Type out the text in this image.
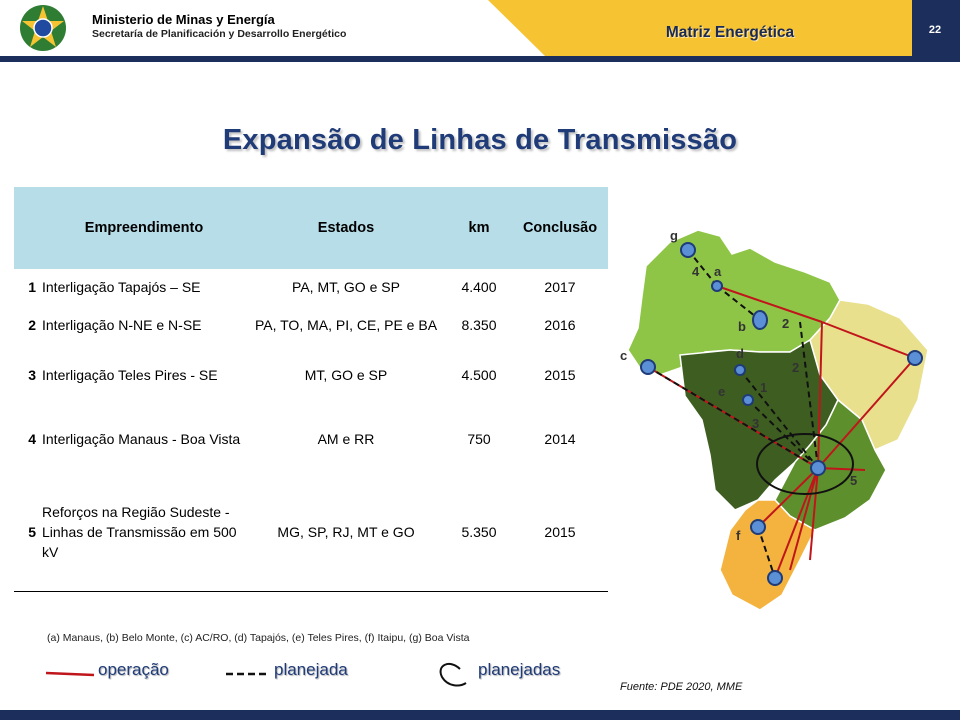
Ministerio de Minas y Energía
Secretaría de Planificación y Desarrollo Energético	Matriz Energética	22
Expansão de Linhas de Transmissão
	Empreendimento	Estados	km	Conclusão
1	Interligação Tapajós – SE	PA, MT, GO e SP	4.400	2017
2	Interligação N-NE e N-SE	PA, TO, MA, PI, CE, PE e BA	8.350	2016
3	Interligação Teles Pires - SE	MT, GO e SP	4.500	2015
4	Interligação Manaus - Boa Vista	AM e RR	750	2014
5	Reforços na Região Sudeste - Linhas de Transmissão em 500 kV	MG, SP, RJ, MT e GO	5.350	2015
g
4 a
b	2
c	d
2
e	1
3
5
f
(a) Manaus, (b) Belo Monte, (c) AC/RO, (d) Tapajós, (e) Teles Pires, (f) Itaipu, (g) Boa Vista
operação	planejada	planejadas
Fuente: PDE 2020, MME
